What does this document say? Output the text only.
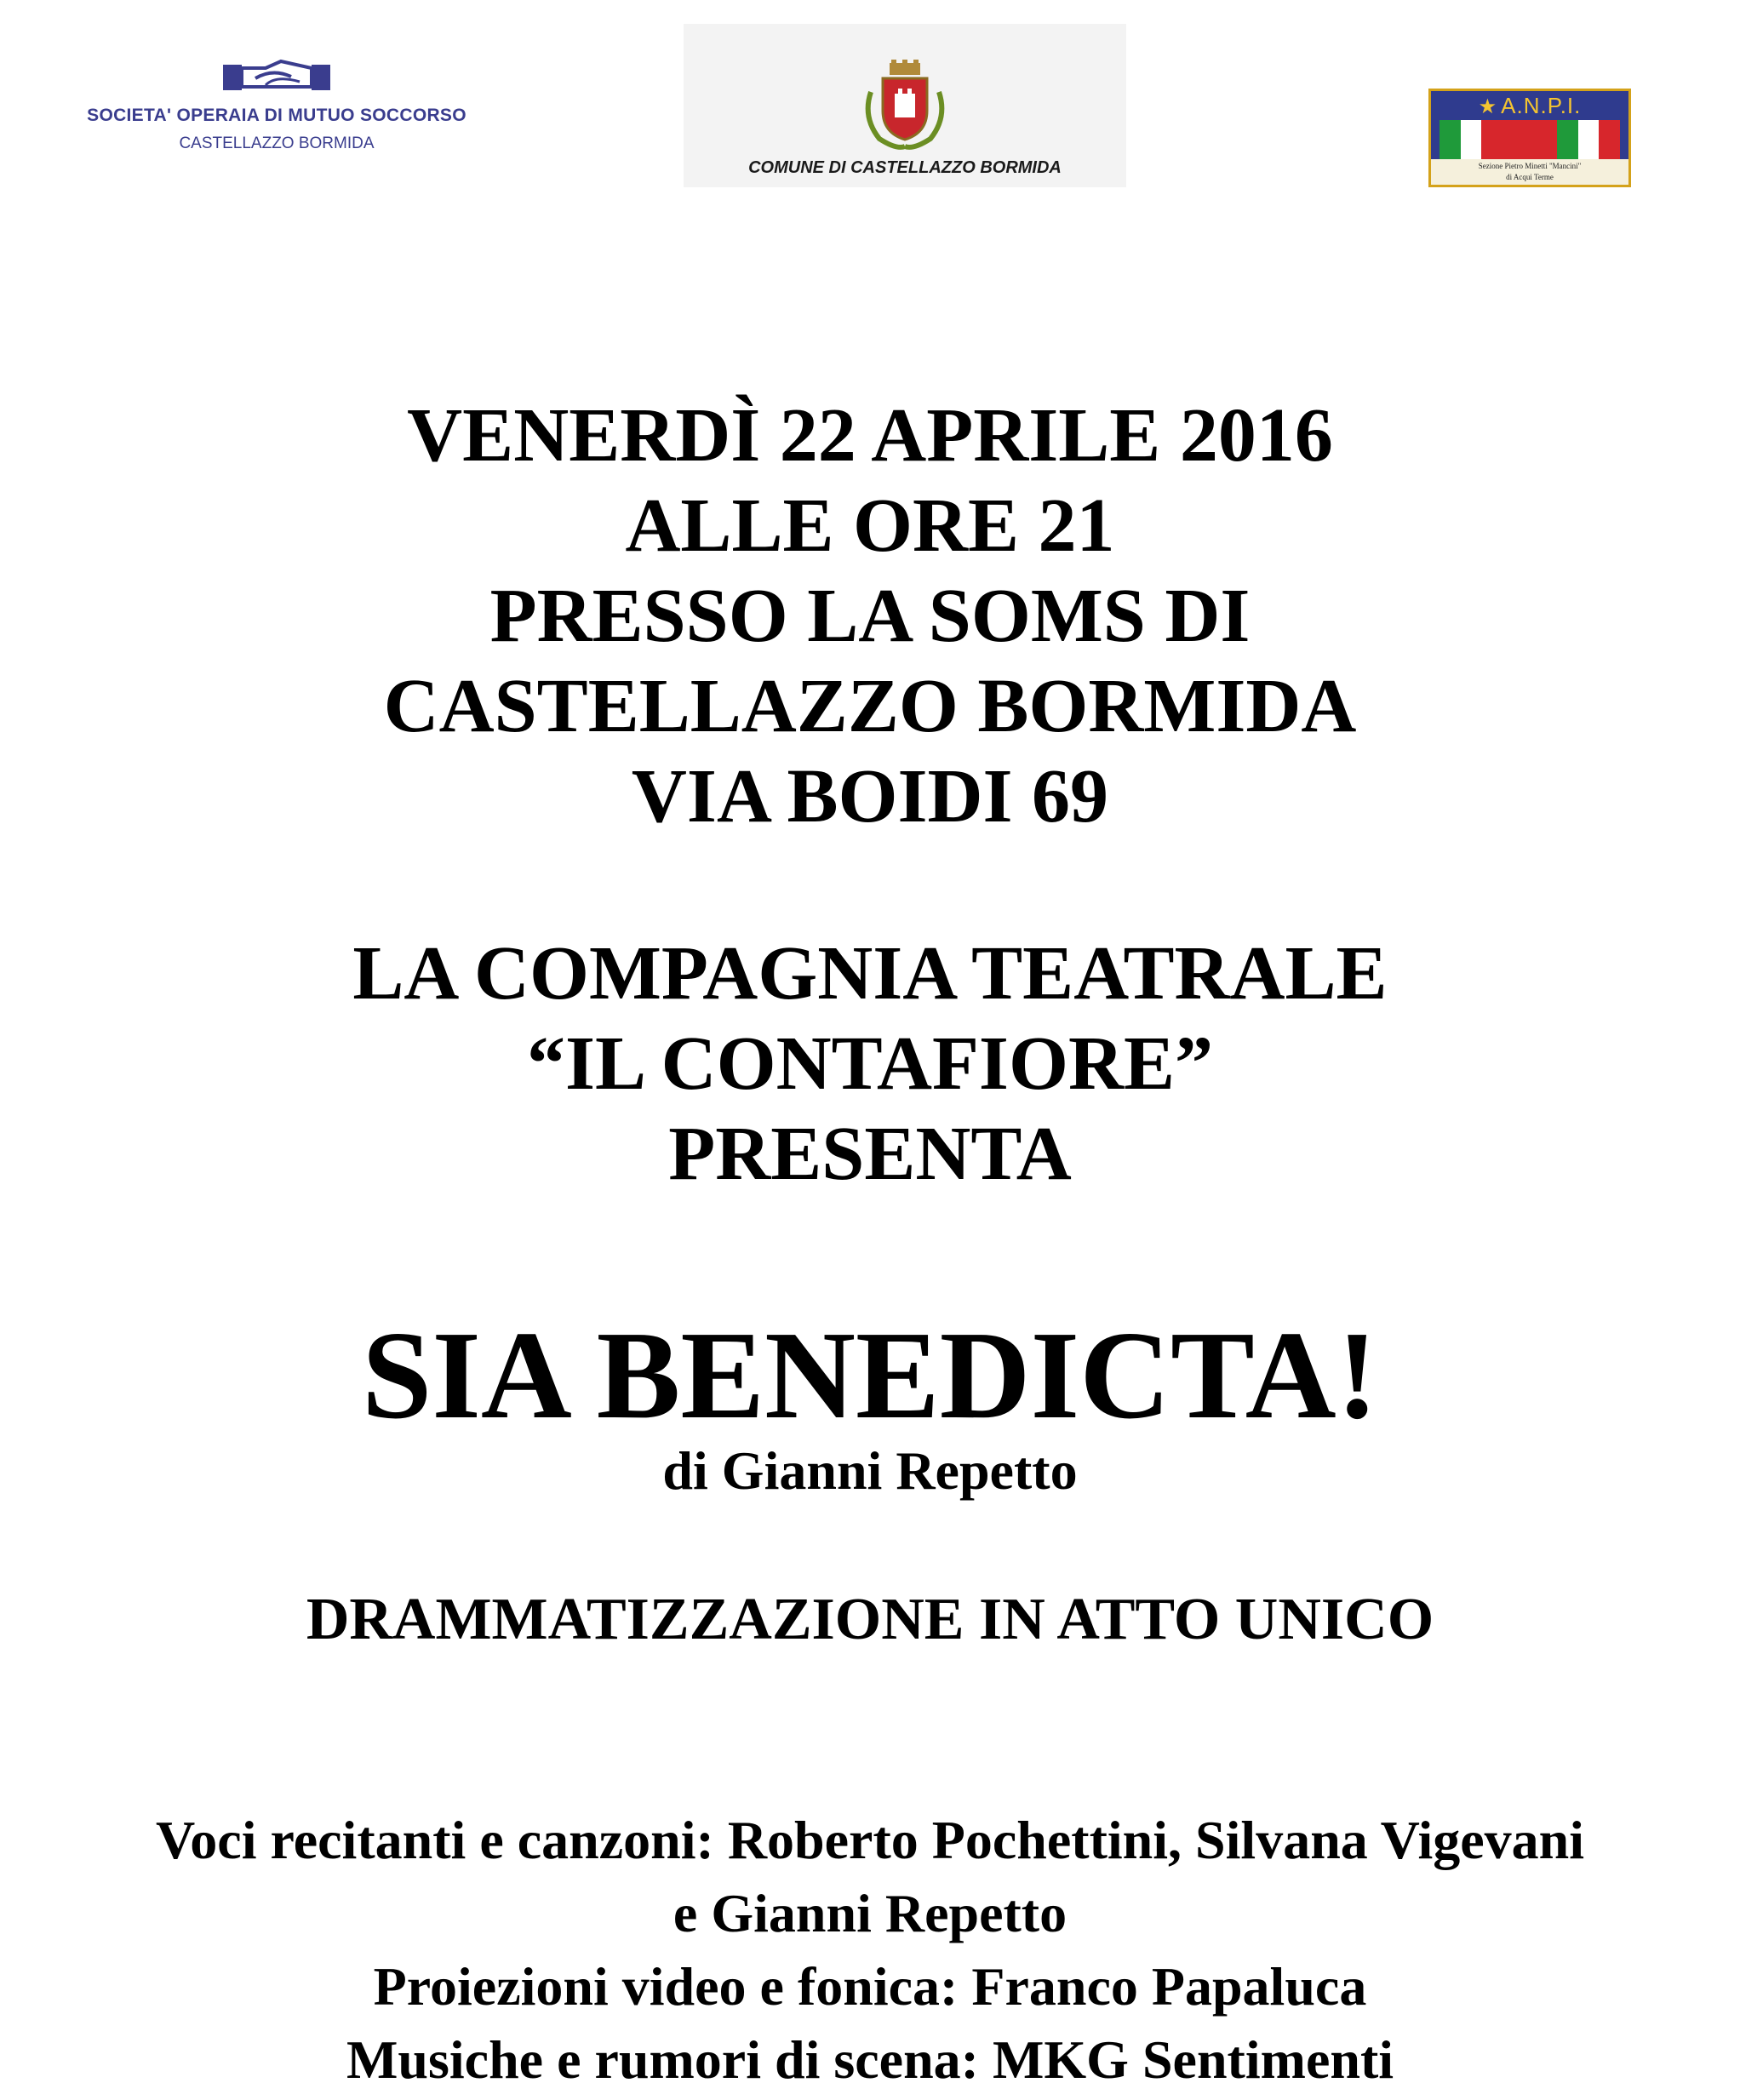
SOCIETA' OPERAIA DI MUTUO SOCCORSO
CASTELLAZZO BORMIDA
COMUNE DI CASTELLAZZO BORMIDA
★ A.N.P.I.
Sezione Pietro Minetti "Mancini"
di Acqui Terme
VENERDÌ 22 APRILE 2016
ALLE ORE 21
PRESSO LA SOMS DI
CASTELLAZZO BORMIDA
VIA BOIDI 69
LA COMPAGNIA TEATRALE
“IL CONTAFIORE”
PRESENTA
SIA BENEDICTA!
di Gianni Repetto
DRAMMATIZZAZIONE IN ATTO UNICO
Voci recitanti e canzoni: Roberto Pochettini, Silvana Vigevani
e Gianni Repetto
Proiezioni video e fonica: Franco Papaluca
Musiche e rumori di scena: MKG Sentimenti
